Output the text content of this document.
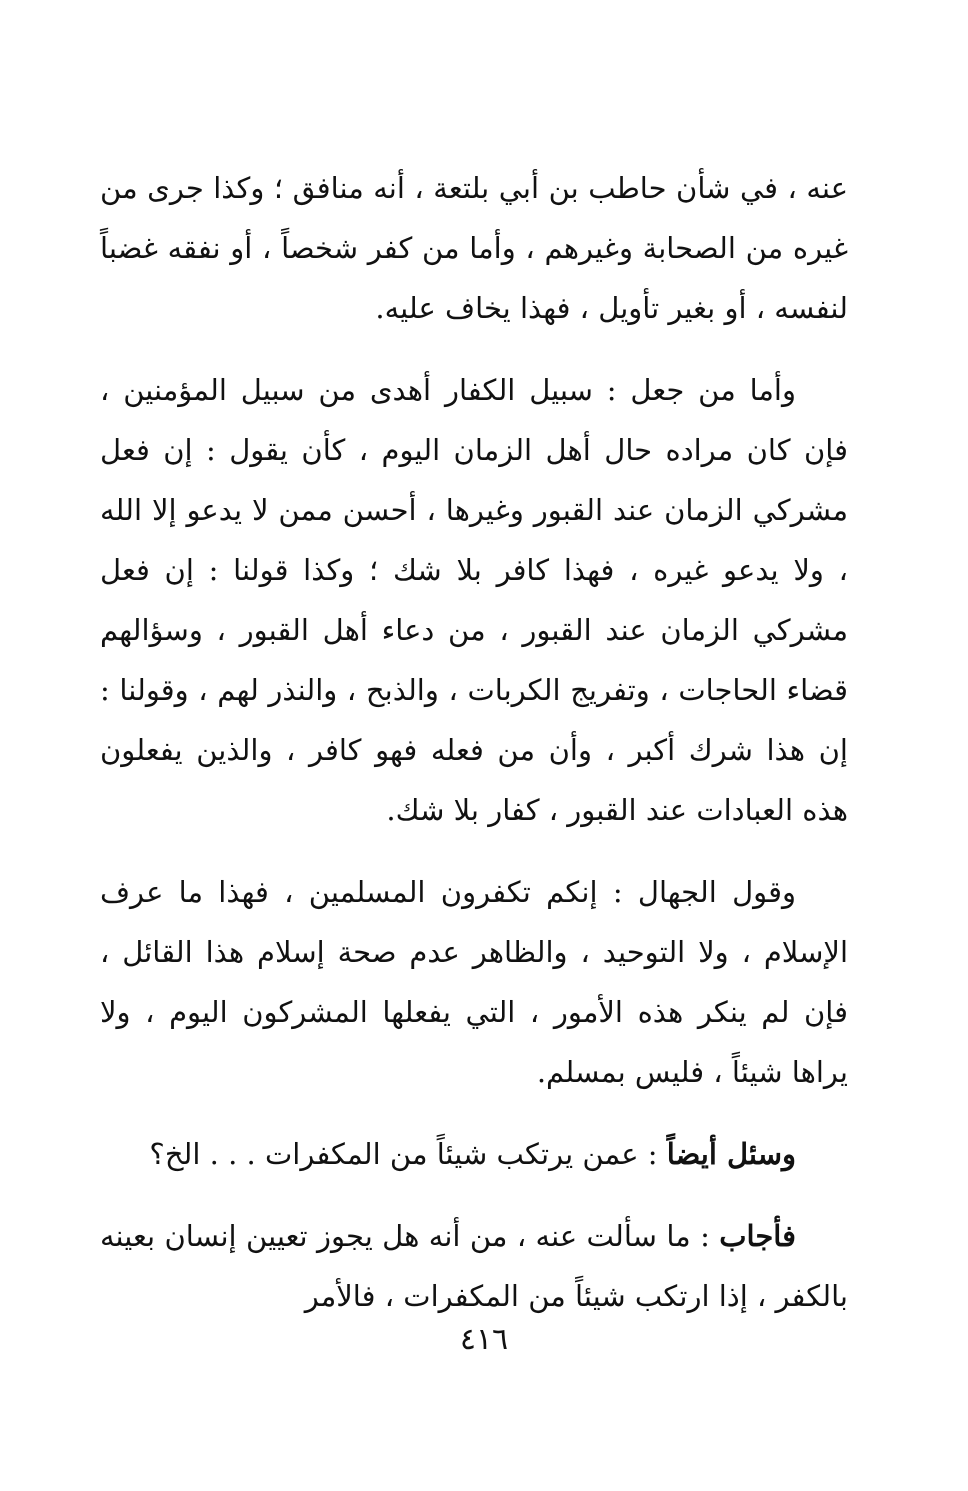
عنه ، في شأن حاطب بن أبي بلتعة ، أنه منافق ؛ وكذا جرى من غيره من الصحابة وغيرهم ، وأما من كفر شخصاً ، أو نفقه غضباً لنفسه ، أو بغير تأويل ، فهذا يخاف عليه.

وأما من جعل : سبيل الكفار أهدى من سبيل المؤمنين ، فإن كان مراده حال أهل الزمان اليوم ، كأن يقول : إن فعل مشركي الزمان عند القبور وغيرها ، أحسن ممن لا يدعو إلا الله ، ولا يدعو غيره ، فهذا كافر بلا شك ؛ وكذا قولنا : إن فعل مشركي الزمان عند القبور ، من دعاء أهل القبور ، وسؤالهم قضاء الحاجات ، وتفريج الكربات ، والذبح ، والنذر لهم ، وقولنا : إن هذا شرك أكبر ، وأن من فعله فهو كافر ، والذين يفعلون هذه العبادات عند القبور ، كفار بلا شك.

وقول الجهال : إنكم تكفرون المسلمين ، فهذا ما عرف الإسلام ، ولا التوحيد ، والظاهر عدم صحة إسلام هذا القائل ، فإن لم ينكر هذه الأمور ، التي يفعلها المشركون اليوم ، ولا يراها شيئاً ، فليس بمسلم.

وسئل أيضاً : عمن يرتكب شيئاً من المكفرات . . . الخ؟

فأجاب : ما سألت عنه ، من أنه هل يجوز تعيين إنسان بعينه بالكفر ، إذا ارتكب شيئاً من المكفرات ، فالأمر

٤١٦
